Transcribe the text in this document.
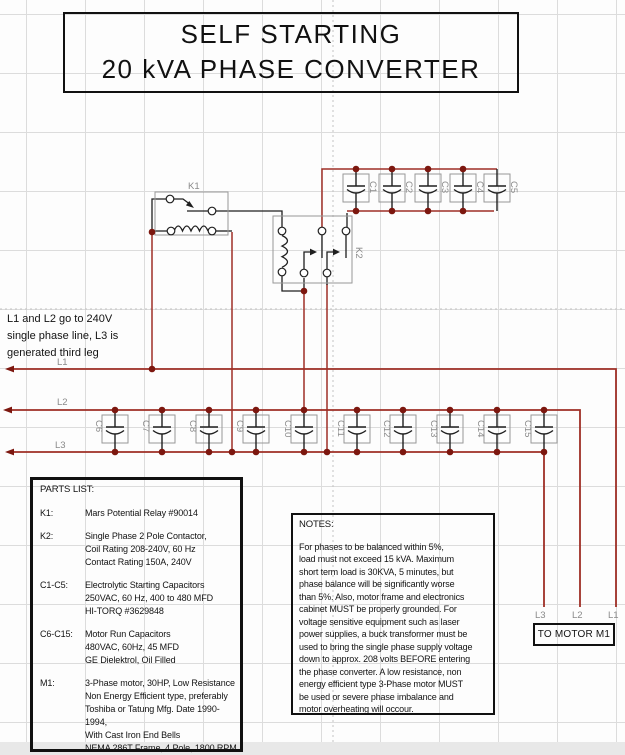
K1
K2
C1	C2	C3	C4 C5
C6	C7	C8	C9	C10	C11	C12	C13	C14	C15
L1
L2
L3
L3	L2	L1
SELF STARTING
20 kVA PHASE CONVERTER
L1 and L2 go to 240V
single phase line, L3 is
generated third leg
PARTS LIST:
K1:	Mars Potential Relay #90014
K2:	Single Phase 2 Pole Contactor,
Coil Rating 208-240V, 60 Hz
Contact Rating 150A, 240V
C1-C5:	Electrolytic Starting Capacitors
250VAC, 60 Hz, 400 to 480 MFD
HI-TORQ #3629848
C6-C15:	Motor Run Capacitors
480VAC, 60Hz, 45 MFD
GE Dielektrol, Oil Filled
M1:	3-Phase motor, 30HP, Low Resistance
Non Energy Efficient type, preferably
Toshiba or Tatung Mfg. Date 1990-1994,
With Cast Iron End Bells
NEMA 286T Frame, 4 Pole, 1800 RPM
NOTES:
For phases to be balanced within 5%,
load must not exceed 15 kVA. Maximum
short term load is 30KVA, 5 minutes, but
phase balance will be significantly worse
than 5%. Also, motor frame and electronics
cabinet MUST be properly grounded. For
voltage sensitive equipment such as laser
power supplies, a buck transformer must be
used to bring the single phase supply voltage
down to approx. 208 volts BEFORE entering
the phase converter. A low resistance, non
energy efficient type 3-Phase motor MUST
be used or severe phase imbalance and
motor overheating will occour.
TO MOTOR M1
